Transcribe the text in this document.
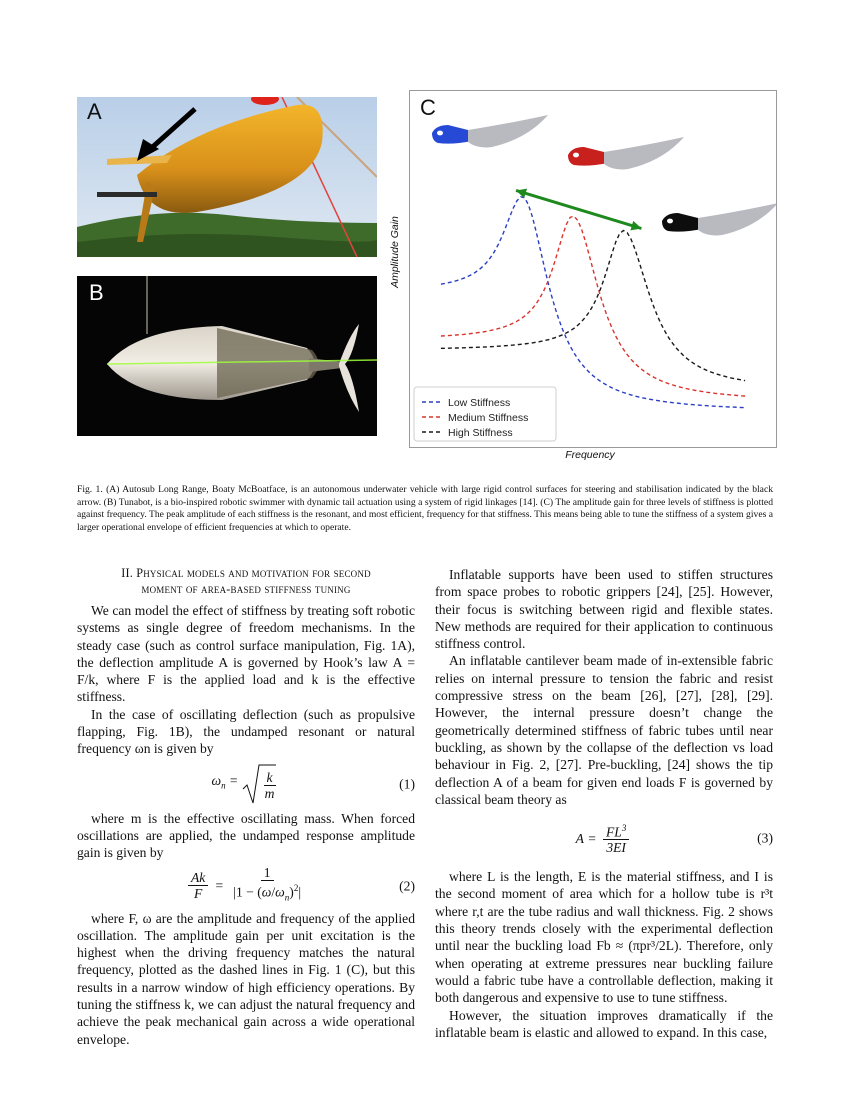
A
B
C
Low Stiffness
Medium Stiffness
High Stiffness
Amplitude Gain
Frequency
Fig. 1. (A) Autosub Long Range, Boaty McBoatface, is an autonomous underwater vehicle with large rigid control surfaces for steering and stabilisation indicated by the black arrow. (B) Tunabot, is a bio-inspired robotic swimmer with dynamic tail actuation using a system of rigid linkages [14]. (C) The amplitude gain for three levels of stiffness is plotted against frequency. The peak amplitude of each stiffness is the resonant, and most efficient, frequency for that stiffness. This means being able to tune the stiffness of a system gives a larger operational envelope of efficient frequencies at which to operate.
II. Physical models and motivation for second
moment of area-based stiffness tuning

We can model the effect of stiffness by treating soft robotic systems as single degree of freedom mechanisms. In the steady case (such as control surface manipulation, Fig. 1A), the deflection amplitude A is governed by Hook’s law A = F/k, where F is the applied load and k is the effective stiffness.

In the case of oscillating deflection (such as propulsive flapping, Fig. 1B), the undamped resonant or natural frequency ωn is given by

$\omega_n = \frac{k}{m}$	(1)

where m is the effective oscillating mass. When forced oscillations are applied, the undamped response amplitude gain is given by

$\frac{Ak}{F} = \frac{1}{|1 - (\omega/\omega_n)^2|}$	(2)

where F, ω are the amplitude and frequency of the applied oscillation. The amplitude gain per unit excitation is the highest when the driving frequency matches the natural frequency, plotted as the dashed lines in Fig. 1 (C), but this results in a narrow window of high efficiency operations. By tuning the stiffness k, we can adjust the natural frequency and achieve the peak mechanical gain across a wide operational envelope.

Inflatable supports have been used to stiffen structures from space probes to robotic grippers [24], [25]. However, their focus is switching between rigid and flexible states. New methods are required for their application to continuous stiffness control.

An inflatable cantilever beam made of in-extensible fabric relies on internal pressure to tension the fabric and resist compressive stress on the beam [26], [27], [28], [29]. However, the internal pressure doesn’t change the geometrically determined stiffness of fabric tubes until near buckling, as shown by the collapse of the deflection vs load behaviour in Fig. 2, [27]. Pre-buckling, [24] shows the tip deflection A of a beam for given end loads F is governed by classical beam theory as

$A = \frac{FL^3}{3EI}$	(3)

where L is the length, E is the material stiffness, and I is the second moment of area which for a hollow tube is r³t where r,t are the tube radius and wall thickness. Fig. 2 shows this theory trends closely with the experimental deflection until near the buckling load Fb ≈ (πpr³/2L). Therefore, only when operating at extreme pressures near buckling failure would a fabric tube have a controllable deflection, making it both dangerous and expensive to use to tune stiffness.

However, the situation improves dramatically if the inflatable beam is elastic and allowed to expand. In this case,
